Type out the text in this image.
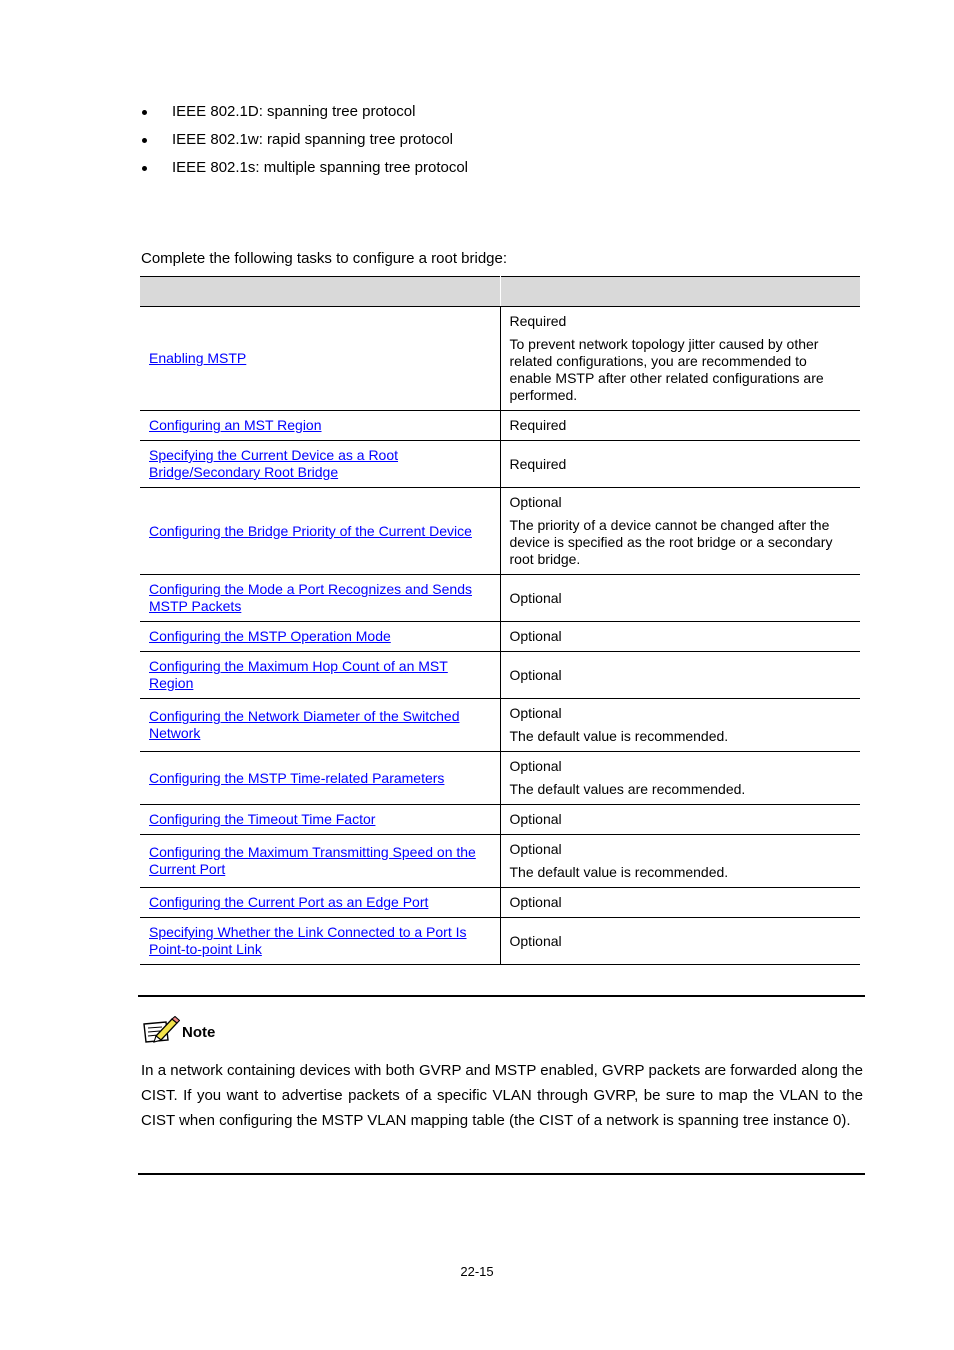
IEEE 802.1D: spanning tree protocol
IEEE 802.1w: rapid spanning tree protocol
IEEE 802.1s: multiple spanning tree protocol
Complete the following tasks to configure a root bridge:

Enabling MSTP	Required
To prevent network topology jitter caused by other related configurations, you are recommended to enable MSTP after other related configurations are performed.

Configuring an MST Region	Required

Specifying the Current Device as a Root Bridge/Secondary Root Bridge	Required

Configuring the Bridge Priority of the Current Device	Optional
The priority of a device cannot be changed after the device is specified as the root bridge or a secondary root bridge.

Configuring the Mode a Port Recognizes and Sends MSTP Packets	Optional

Configuring the MSTP Operation Mode	Optional

Configuring the Maximum Hop Count of an MST Region	Optional

Configuring the Network Diameter of the Switched Network	Optional
The default value is recommended.

Configuring the MSTP Time-related Parameters	Optional
The default values are recommended.

Configuring the Timeout Time Factor	Optional

Configuring the Maximum Transmitting Speed on the Current Port	Optional
The default value is recommended.

Configuring the Current Port as an Edge Port	Optional

Specifying Whether the Link Connected to a Port Is Point-to-point Link	Optional
Note
In a network containing devices with both GVRP and MSTP enabled, GVRP packets are forwarded along the CIST. If you want to advertise packets of a specific VLAN through GVRP, be sure to map the VLAN to the CIST when configuring the MSTP VLAN mapping table (the CIST of a network is spanning tree instance 0).
22-15
